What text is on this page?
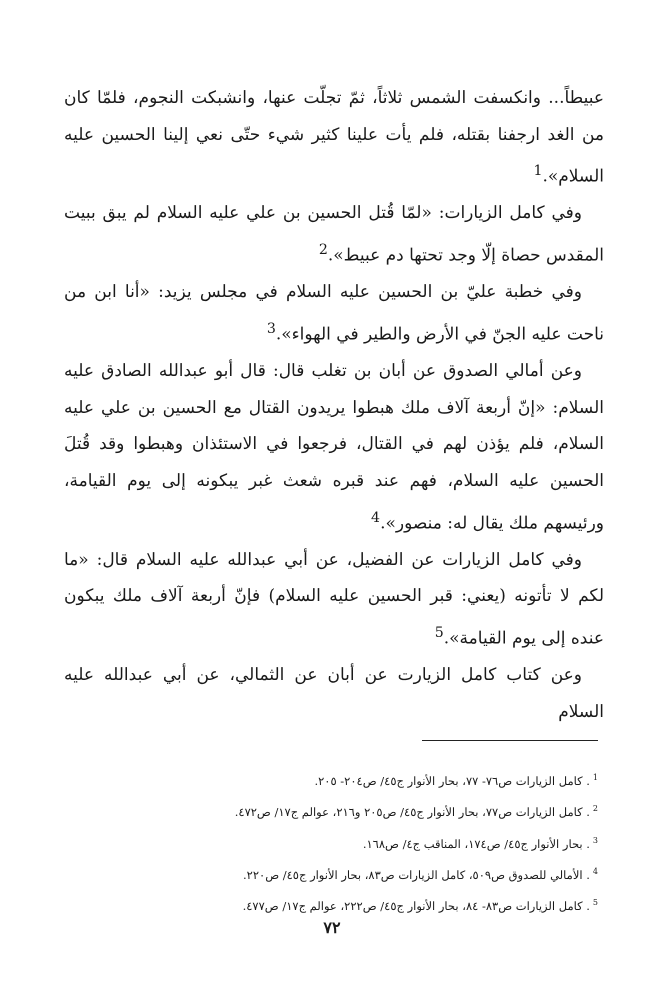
عبيطاً... وانكسفت الشمس ثلاثاً، ثمّ تجلّت عنها، وانشبكت النجوم، فلمّا كان من الغد ارجفنا بقتله، فلم يأت علينا كثير شيء حتّى نعي إلينا الحسين عليه السلام».$^1$

وفي كامل الزيارات: «لمّا قُتل الحسين بن علي عليه السلام لم يبق ببيت المقدس حصاة إلّا وجد تحتها دم عبيط».$^2$

وفي خطبة عليّ بن الحسين عليه السلام في مجلس يزيد: «أنا ابن من ناحت عليه الجنّ في الأرض والطير في الهواء».$^3$

وعن أمالي الصدوق عن أبان بن تغلب قال: قال أبو عبدالله الصادق عليه السلام: «إنّ أربعة آلاف ملك هبطوا يريدون القتال مع الحسين بن علي عليه السلام، فلم يؤذن لهم في القتال، فرجعوا في الاستئذان وهبطوا وقد قُتلَ الحسين عليه السلام، فهم عند قبره شعث غبر يبكونه إلى يوم القيامة، ورئيسهم ملك يقال له: منصور».$^4$

وفي كامل الزيارات عن الفضيل، عن أبي عبدالله عليه السلام قال: «ما لكم لا تأتونه (يعني: قبر الحسين عليه السلام) فإنّ أربعة آلاف ملك يبكون عنده إلى يوم القيامة».$^5$

وعن كتاب كامل الزيارت عن أبان عن الثمالي، عن أبي عبدالله عليه السلام

$^1$. كامل الزيارات ص٧٦- ٧٧، بحار الأنوار ج٤٥/ ص٢٠٤- ٢٠٥.
$^2$. كامل الزيارات ص٧٧، بحار الأنوار ج٤٥/ ص٢٠٥ و٢١٦، عوالم ج١٧/ ص٤٧٢.
$^3$. بحار الأنوار ج٤٥/ ص١٧٤، المناقب ج٤/ ص١٦٨.
$^4$. الأمالي للصدوق ص٥٠٩، كامل الزيارات ص٨٣، بحار الأنوار ج٤٥/ ص٢٢٠.
$^5$. كامل الزيارات ص٨٣- ٨٤، بحار الأنوار ج٤٥/ ص٢٢٢، عوالم ج١٧/ ص٤٧٧.
٧٢
